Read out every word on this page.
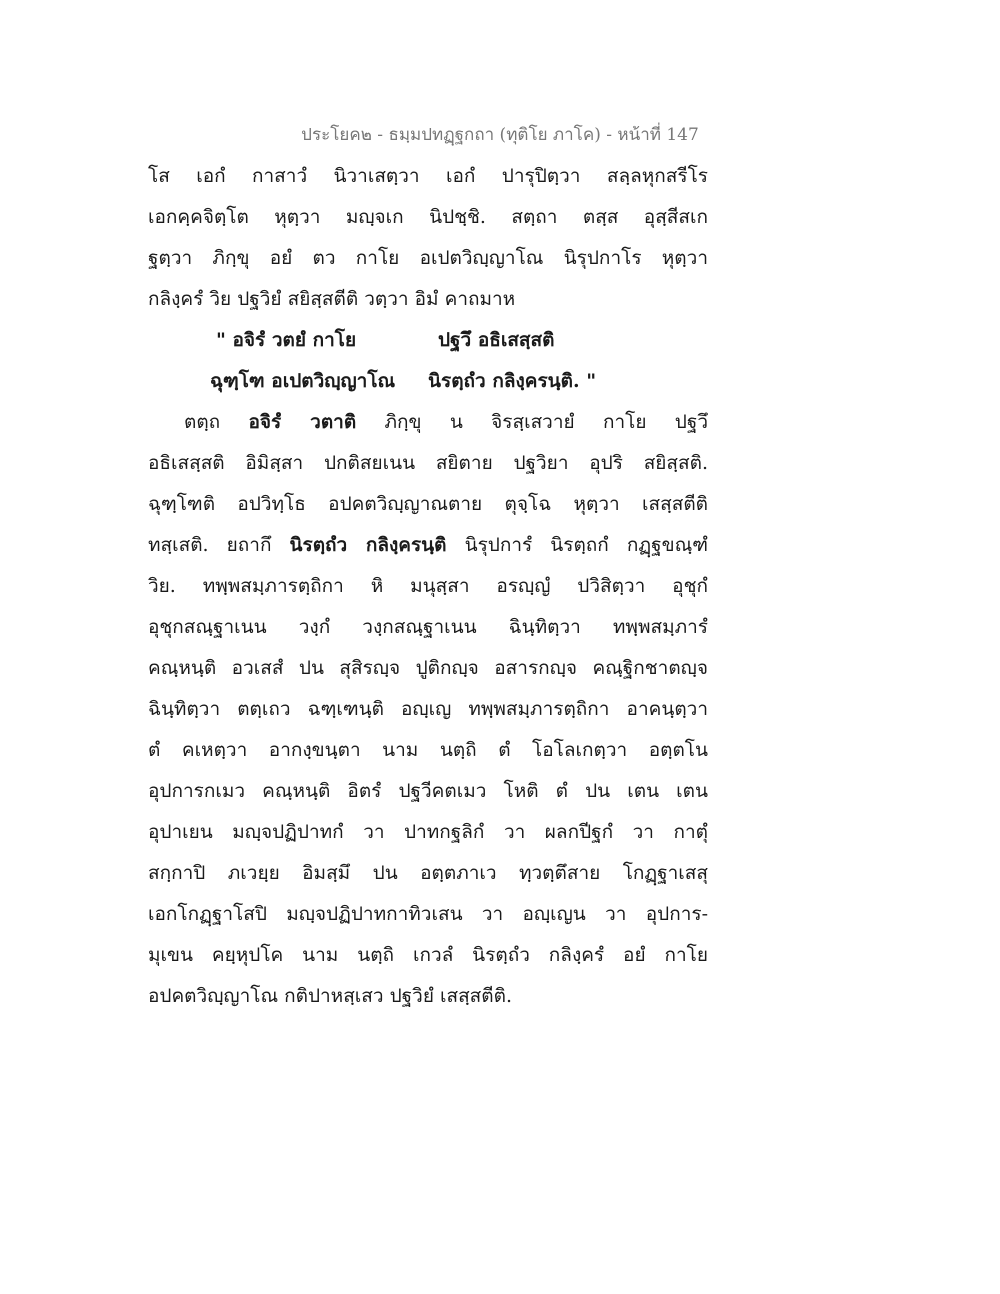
ประโยค๒ - ธมฺมปทฏฺฐกถา (ทุติโย ภาโค) - หน้าที่ 147
โส เอกํ กาสาวํ นิวาเสตฺวา เอกํ ปารุปิตฺวา สลฺลหุกสรีโร
เอกคฺคจิตฺโต หุตฺวา มญฺจเก นิปชฺชิ. สตฺถา ตสฺส อุสฺสีสเก
ฐตฺวา ภิกฺขุ อยํ ตว กาโย อเปตวิญฺญาโณ นิรุปกาโร หุตฺวา
กลิงฺครํ วิย ปฐวิยํ สยิสฺสตีติ วตฺวา อิมํ คาถมาห
" อจิรํ วตยํ กาโย	ปฐวึ อธิเสสฺสติ
ฉุฑฺโฑ อเปตวิญฺญาโณ	นิรตฺถํว กลิงฺครนฺติ. "
ตตฺถ อจิรํ วตาติ ภิกฺขุ น จิรสฺเสวายํ กาโย ปฐวึ
อธิเสสฺสติ อิมิสฺสา ปกติสยเนน สยิตาย ปฐวิยา อุปริ สยิสฺสติ.
ฉุฑฺโฑติ อปวิทฺโธ อปคตวิญฺญาณตาย ตุจฺโฉ หุตฺวา เสสฺสตีติ
ทสฺเสติ. ยถากึ นิรตฺถํว กลิงฺครนฺติ นิรุปการํ นิรตฺถกํ กฏฺฐขณฺฑํ
วิย. ทพฺพสมฺภารตฺถิกา หิ มนุสฺสา อรญฺญํ ปวิสิตฺวา อุชุกํ
อุชุกสณฺฐาเนน วงฺกํ วงฺกสณฺฐาเนน ฉินฺทิตฺวา ทพฺพสมฺภารํ
คณฺหนฺติ อวเสสํ ปน สุสิรญฺจ ปูติกญฺจ อสารกญฺจ คณฺฐิกชาตญฺจ
ฉินฺทิตฺวา ตตฺเถว ฉฑฺเฑนฺติ อญฺเญ ทพฺพสมฺภารตฺถิกา อาคนฺตฺวา
ตํ คเหตฺวา อากงฺขนฺตา นาม นตฺถิ ตํ โอโลเกตฺวา อตฺตโน
อุปการกเมว คณฺหนฺติ อิตรํ ปฐวีคตเมว โหติ ตํ ปน เตน เตน
อุปาเยน มญฺจปฏิปาทกํ วา ปาทกฐลิกํ วา ผลกปีฐกํ วา กาตุํ
สกฺกาปิ ภเวยฺย อิมสฺมึ ปน อตฺตภาเว ทฺวตฺตึสาย โกฏฺฐาเสสุ
เอกโกฏฺฐาโสปิ มญฺจปฏิปาทกาทิวเสน วา อญฺเญน วา อุปการ-
มุเขน คยฺหุปโค นาม นตฺถิ เกวลํ นิรตฺถํว กลิงฺครํ อยํ กาโย
อปคตวิญฺญาโณ กติปาหสฺเสว ปฐวิยํ เสสฺสตีติ.
